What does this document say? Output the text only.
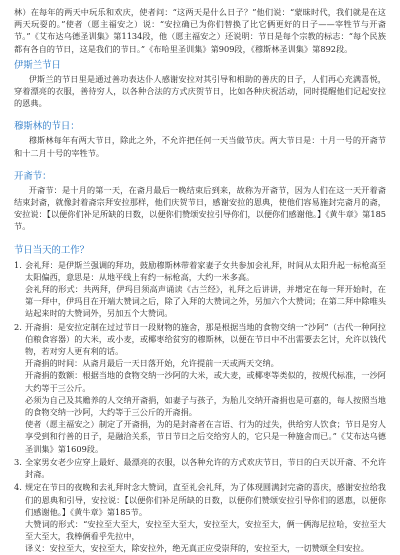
林）在每年的两天中玩乐和欢庆，使者问：“这两天是什么日子？”他们说：“蒙昧时代，我们就是在这两天玩耍的。”使者（愿主福安之）说：“安拉确已为你们替换了比它俩更好的日子——宰牲节与开斋节。”《艾布达乌德圣训集》第1134段，他（愿主福安之）还说明：节日是每个宗教的标志：“每个民族都有各自的节日，这是我们的节日。”《布哈里圣训集》第909段，《穆斯林圣训集》第892段。

伊斯兰节日

伊斯兰的节日里是通过善功表达仆人感谢安拉对其引导和相助的善庆的日子，人们再心充满喜悦，穿着漂亮的衣服，善待穷人，以各种合法的方式庆贺节日，比如各种庆祝活动，同时提醒他们记起安拉的恩典。

穆斯林的节日：

穆斯林每年有两大节日，除此之外，不允许把任何一天当做节庆。两大节日是：十月一号的开斋节和十二月十号的宰牲节。

开斋节：

开斋节：是十月的第一天，在斋月最后一晚结束后到来，故称为开斋节，因为人们在这一天开着斋结束封斋，就像封着斋宗拜安拉那样，他们庆贺节日，感谢安拉的恩典，使他们容易施封完斋月的斋，安拉说：【以便你们补足所缺的日数，以便你们赞颂安拉引导你们，以便你们感谢他。】《黄牛章》第185节。

节日当天的工作？
1. 会礼拜：是伊斯兰强调的拜功，鼓励穆斯林带着家妻子女共参加会礼拜，时间从太阳升起一标枪高至太阳偏西，意思是：从地平线上有约一标枪高，大约一米多高。

会礼拜的形式：共两拜，伊玛目须高声诵读《古兰经》，礼拜之后讲讲，并增定在每一拜开始时，在第一拜中，伊玛目在开端大赞词之后，除了入拜的大赞词之外，另加六个大赞词；在第二拜中除唯头站起来时的大赞词外，另加五个大赞词。

2. 开斋捐：是安拉定制在过过节日一段财物的施舍，那是根据当地的食物交纳一“沙阿”（古代一种阿拉伯粮食容器）的大米，或小麦，或椰枣给贫穷的穆斯林，以便在节日中不出需要去乞讨，允许以钱代物，若对穷人更有利的话。

开斋捐的时间：从斋月最后一天日落开始，允许提前一天或两天交纳。

开斋捐的数额：根据当地的食物交纳一沙阿的大米，或大麦，或椰枣等类似的，按规代标准，一沙阿大约等于三公斤。

必须为自己及其赡养的人交纳开斋捐，如妻子与孩子，为胎儿交纳开斋捐也是可嘉的，每人按照当地的食物交纳一沙阿，大约等于三公斤的开斋捐。

使者（愿主福安之）制定了开斋捐，为的是封斋者在言语、行为的过失，供给穷人饮食；节日是穷人享受到和行善的日子，是融洽关系，节日节日之后交给穷人的，它只是一种施舍而已。”《艾布达乌德圣训集》第1609段。

3. 全家男女老少应穿上最好、最漂亮的衣服，以各种允许的方式欢庆节日，节日的白天以开斋、不允许封斋。

4. 规定在节日的夜晚和去礼拜时念大赞词，直至礼会礼拜，为了体现圆满封完斋的喜庆，感谢安拉给我们的恩典和引导，安拉说：【以便你们补足所缺的日数，以便你们赞颂安拉引导你们的恩惠，以便你们感谢他。】《黄牛章》第185节。

大赞词的形式：“安拉至大至大，安拉至大至大，安拉至大，安拉至大，俩一俩海尼拉哈，安拉至大至大至大，我棒俩看乎先拉中，

译义：安拉至大，安拉至大，除安拉外，绝无真正应受崇拜的，安拉至大，一切赞颂全归安拉。
